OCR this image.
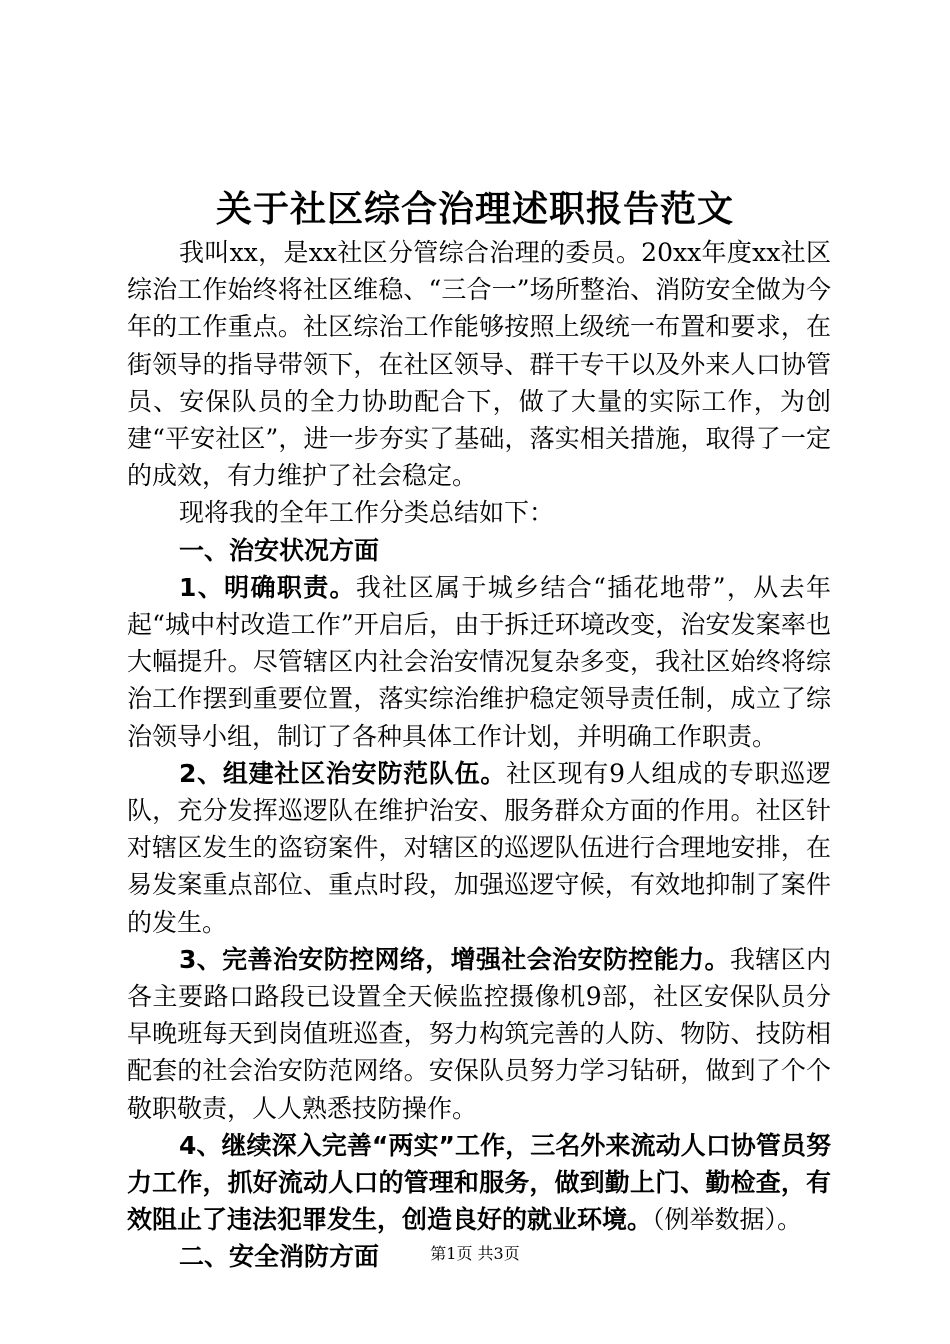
关于社区综合治理述职报告范文

我叫xx，是xx社区分管综合治理的委员。20xx年度xx社区综治工作始终将社区维稳、“三合一”场所整治、消防安全做为今年的工作重点。社区综治工作能够按照上级统一布置和要求，在街领导的指导带领下，在社区领导、群干专干以及外来人口协管员、安保队员的全力协助配合下，做了大量的实际工作，为创建“平安社区”，进一步夯实了基础，落实相关措施，取得了一定的成效，有力维护了社会稳定。

现将我的全年工作分类总结如下：

一、治安状况方面

1、明确职责。我社区属于城乡结合“插花地带”，从去年起“城中村改造工作”开启后，由于拆迁环境改变，治安发案率也大幅提升。尽管辖区内社会治安情况复杂多变，我社区始终将综治工作摆到重要位置，落实综治维护稳定领导责任制，成立了综治领导小组，制订了各种具体工作计划，并明确工作职责。

2、组建社区治安防范队伍。社区现有9人组成的专职巡逻队，充分发挥巡逻队在维护治安、服务群众方面的作用。社区针对辖区发生的盗窃案件，对辖区的巡逻队伍进行合理地安排，在易发案重点部位、重点时段，加强巡逻守候，有效地抑制了案件的发生。

3、完善治安防控网络，增强社会治安防控能力。我辖区内各主要路口路段已设置全天候监控摄像机9部，社区安保队员分早晚班每天到岗值班巡查，努力构筑完善的人防、物防、技防相配套的社会治安防范网络。安保队员努力学习钻研，做到了个个敬职敬责，人人熟悉技防操作。

4、继续深入完善“两实”工作，三名外来流动人口协管员努力工作，抓好流动人口的管理和服务，做到勤上门、勤检查，有效阻止了违法犯罪发生，创造良好的就业环境。（例举数据）。

二、安全消防方面	第1页 共3页
